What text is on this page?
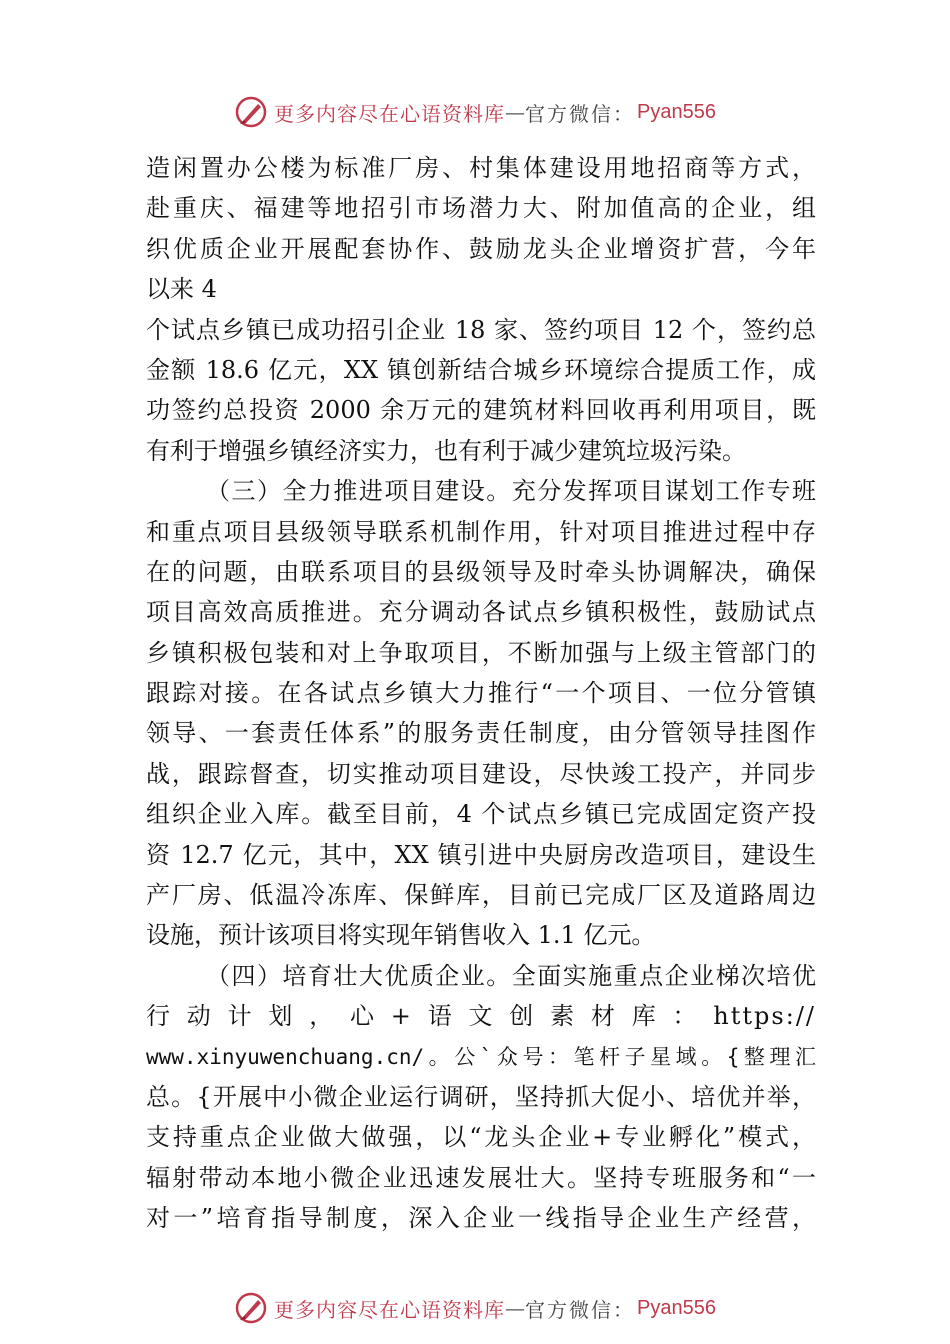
更多内容尽在心语资料库 — 官方微信： Pyan556
造闲置办公楼为标准厂房、村集体建设用地招商等方式，
赴重庆、福建等地招引市场潜力大、附加值高的企业，组
织优质企业开展配套协作、鼓励龙头企业增资扩营，今年
以来 4
个试点乡镇已成功招引企业 18 家、签约项目 12 个，签约总
金额 18.6 亿元，XX 镇创新结合城乡环境综合提质工作，成
功签约总投资 2000 余万元的建筑材料回收再利用项目，既
有利于增强乡镇经济实力，也有利于减少建筑垃圾污染。
（三）全力推进项目建设。充分发挥项目谋划工作专班
和重点项目县级领导联系机制作用，针对项目推进过程中存
在的问题，由联系项目的县级领导及时牵头协调解决，确保
项目高效高质推进。充分调动各试点乡镇积极性，鼓励试点
乡镇积极包装和对上争取项目，不断加强与上级主管部门的
跟踪对接。在各试点乡镇大力推行“一个项目、一位分管镇
领导、一套责任体系”的服务责任制度，由分管领导挂图作
战，跟踪督查，切实推动项目建设，尽快竣工投产，并同步
组织企业入库。截至目前，4 个试点乡镇已完成固定资产投
资 12.7 亿元，其中，XX 镇引进中央厨房改造项目，建设生
产厂房、低温冷冻库、保鲜库，目前已完成厂区及道路周边
设施，预计该项目将实现年销售收入 1.1 亿元。
（四）培育壮大优质企业。全面实施重点企业梯次培优
行动计划，心+语文创素材库：https://
www.xinyuwenchuang.cn/。公`众号：笔杆子星域。{整理汇
总。{开展中小微企业运行调研，坚持抓大促小、培优并举，
支持重点企业做大做强，以“龙头企业+专业孵化”模式，
辐射带动本地小微企业迅速发展壮大。坚持专班服务和“一
对一”培育指导制度，深入企业一线指导企业生产经营，
更多内容尽在心语资料库 — 官方微信： Pyan556
